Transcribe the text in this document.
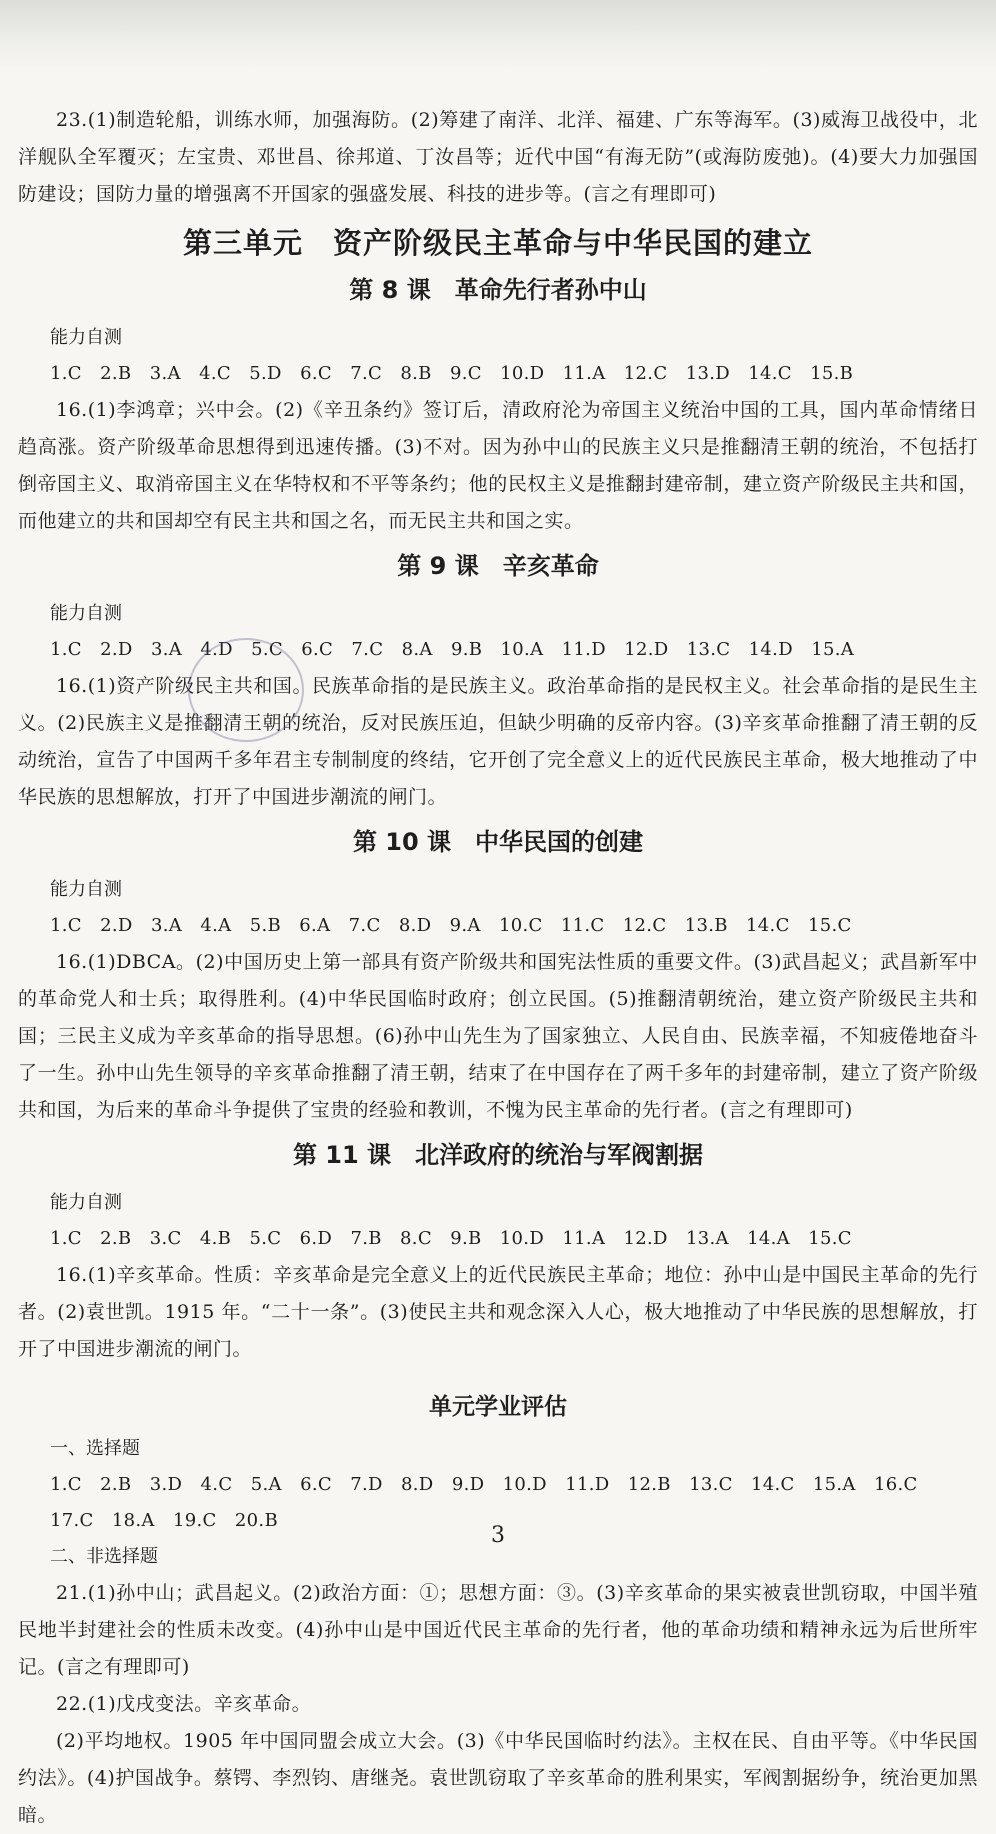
23.(1)制造轮船，训练水师，加强海防。(2)筹建了南洋、北洋、福建、广东等海军。(3)威海卫战役中，北洋舰队全军覆灭；左宝贵、邓世昌、徐邦道、丁汝昌等；近代中国“有海无防”(或海防废弛)。(4)要大力加强国防建设；国防力量的增强离不开国家的强盛发展、科技的进步等。(言之有理即可)

第三单元　资产阶级民主革命与中华民国的建立
第 8 课　革命先行者孙中山

能力自测

1.C　2.B　3.A　4.C　5.D　6.C　7.C　8.B　9.C　10.D　11.A　12.C　13.D　14.C　15.B

16.(1)李鸿章；兴中会。(2)《辛丑条约》签订后，清政府沦为帝国主义统治中国的工具，国内革命情绪日趋高涨。资产阶级革命思想得到迅速传播。(3)不对。因为孙中山的民族主义只是推翻清王朝的统治，不包括打倒帝国主义、取消帝国主义在华特权和不平等条约；他的民权主义是推翻封建帝制，建立资产阶级民主共和国，而他建立的共和国却空有民主共和国之名，而无民主共和国之实。

第 9 课　辛亥革命

能力自测

1.C　2.D　3.A　4.D　5.C　6.C　7.C　8.A　9.B　10.A　11.D　12.D　13.C　14.D　15.A

16.(1)资产阶级民主共和国。民族革命指的是民族主义。政治革命指的是民权主义。社会革命指的是民生主义。(2)民族主义是推翻清王朝的统治，反对民族压迫，但缺少明确的反帝内容。(3)辛亥革命推翻了清王朝的反动统治，宣告了中国两千多年君主专制制度的终结，它开创了完全意义上的近代民族民主革命，极大地推动了中华民族的思想解放，打开了中国进步潮流的闸门。

第 10 课　中华民国的创建

能力自测

1.C　2.D　3.A　4.A　5.B　6.A　7.C　8.D　9.A　10.C　11.C　12.C　13.B　14.C　15.C

16.(1)DBCA。(2)中国历史上第一部具有资产阶级共和国宪法性质的重要文件。(3)武昌起义；武昌新军中的革命党人和士兵；取得胜利。(4)中华民国临时政府；创立民国。(5)推翻清朝统治，建立资产阶级民主共和国；三民主义成为辛亥革命的指导思想。(6)孙中山先生为了国家独立、人民自由、民族幸福，不知疲倦地奋斗了一生。孙中山先生领导的辛亥革命推翻了清王朝，结束了在中国存在了两千多年的封建帝制，建立了资产阶级共和国，为后来的革命斗争提供了宝贵的经验和教训，不愧为民主革命的先行者。(言之有理即可)

第 11 课　北洋政府的统治与军阀割据

能力自测

1.C　2.B　3.C　4.B　5.C　6.D　7.B　8.C　9.B　10.D　11.A　12.D　13.A　14.A　15.C

16.(1)辛亥革命。性质：辛亥革命是完全意义上的近代民族民主革命；地位：孙中山是中国民主革命的先行者。(2)袁世凯。1915 年。“二十一条”。(3)使民主共和观念深入人心，极大地推动了中华民族的思想解放，打开了中国进步潮流的闸门。

单元学业评估

一、选择题

1.C　2.B　3.D　4.C　5.A　6.C　7.D　8.D　9.D　10.D　11.D　12.B　13.C　14.C　15.A　16.C　17.C　18.A　19.C　20.B

二、非选择题

21.(1)孙中山；武昌起义。(2)政治方面：①；思想方面：③。(3)辛亥革命的果实被袁世凯窃取，中国半殖民地半封建社会的性质未改变。(4)孙中山是中国近代民主革命的先行者，他的革命功绩和精神永远为后世所牢记。(言之有理即可)

22.(1)戊戌变法。辛亥革命。

(2)平均地权。1905 年中国同盟会成立大会。(3)《中华民国临时约法》。主权在民、自由平等。《中华民国约法》。(4)护国战争。蔡锷、李烈钧、唐继尧。袁世凯窃取了辛亥革命的胜利果实，军阀割据纷争，统治更加黑暗。

3
